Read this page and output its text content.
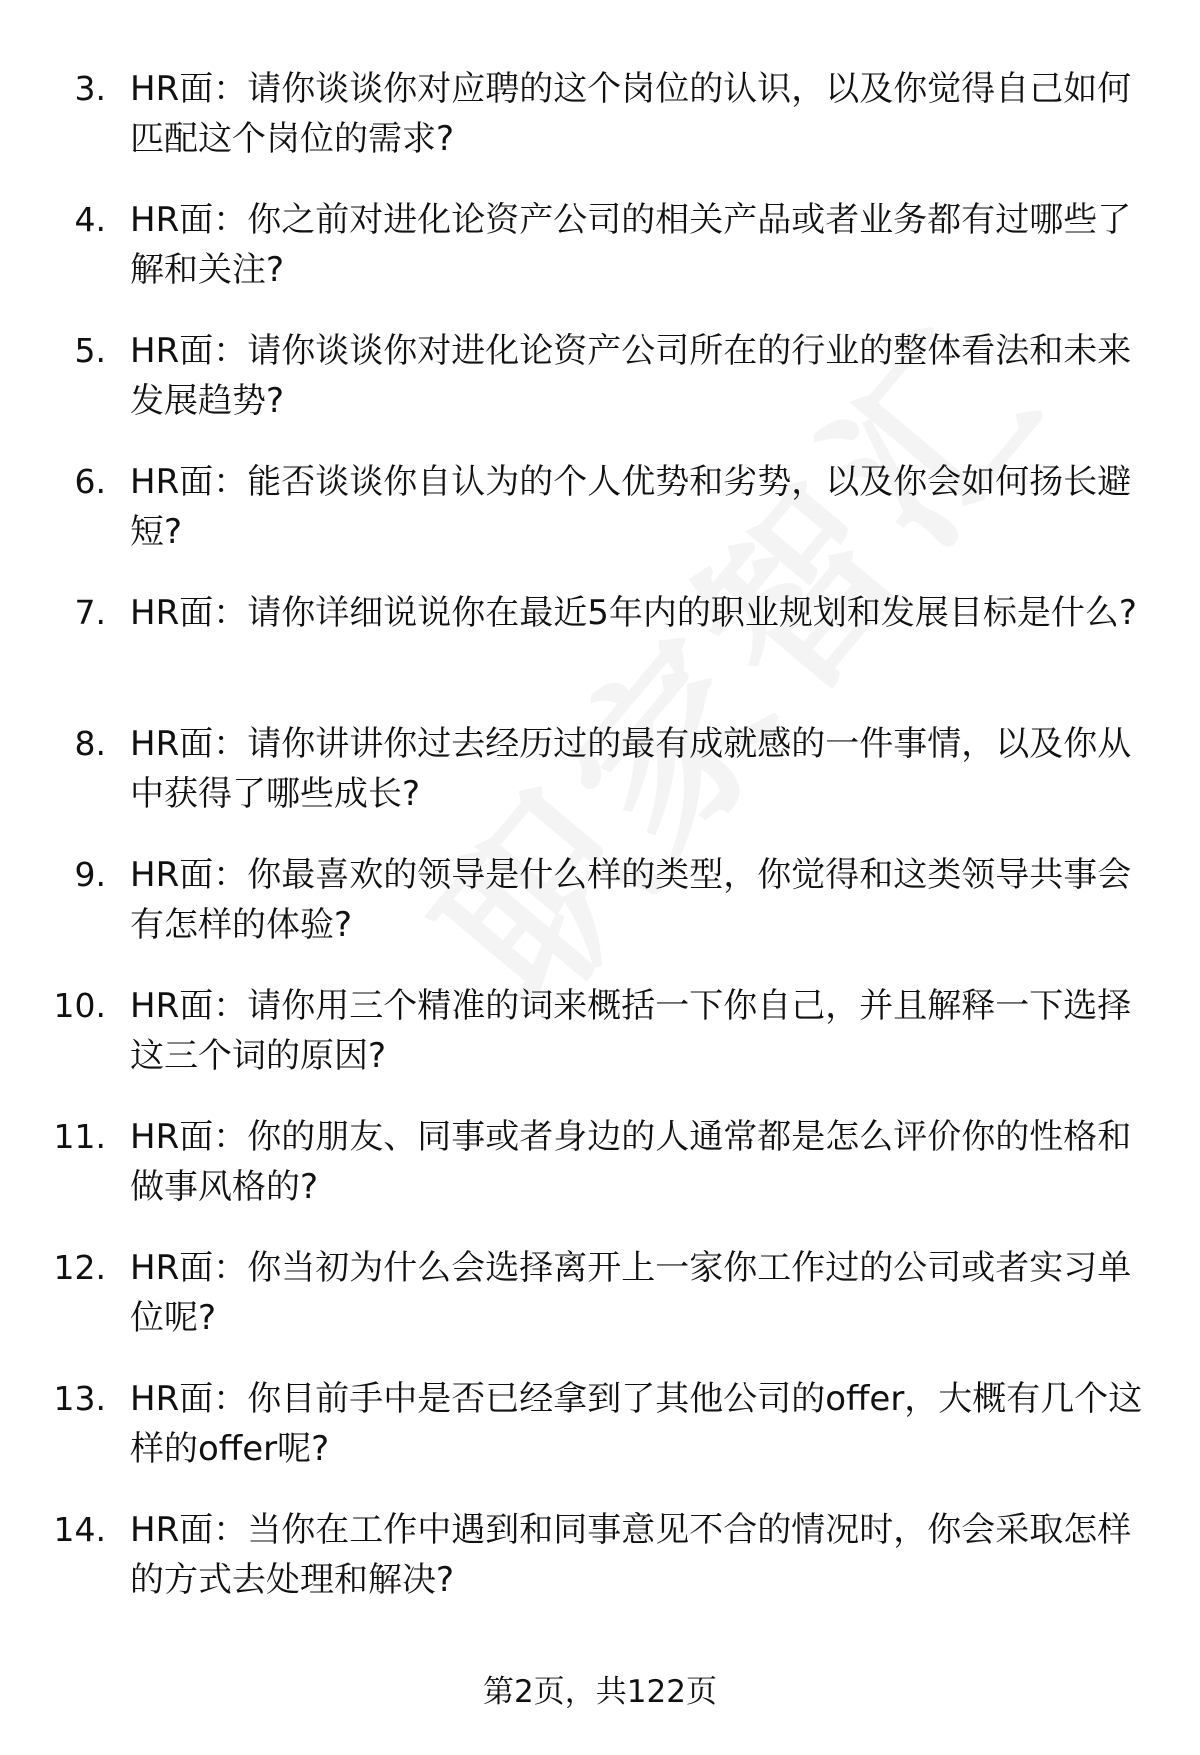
3. HR面：请你谈谈你对应聘的这个岗位的认识，以及你觉得自己如何匹配这个岗位的需求?
4. HR面：你之前对进化论资产公司的相关产品或者业务都有过哪些了解和关注?
5. HR面：请你谈谈你对进化论资产公司所在的行业的整体看法和未来发展趋势?
6. HR面：能否谈谈你自认为的个人优势和劣势，以及你会如何扬长避短?
7. HR面：请你详细说说你在最近5年内的职业规划和发展目标是什么?
8. HR面：请你讲讲你过去经历过的最有成就感的一件事情，以及你从中获得了哪些成长?
9. HR面：你最喜欢的领导是什么样的类型，你觉得和这类领导共事会有怎样的体验?
10. HR面：请你用三个精准的词来概括一下你自己，并且解释一下选择这三个词的原因?
11. HR面：你的朋友、同事或者身边的人通常都是怎么评价你的性格和做事风格的?
12. HR面：你当初为什么会选择离开上一家你工作过的公司或者实习单位呢?
13. HR面：你目前手中是否已经拿到了其他公司的offer，大概有几个这样的offer呢?
14. HR面：当你在工作中遇到和同事意见不合的情况时，你会采取怎样的方式去处理和解决?
第2页，共122页
